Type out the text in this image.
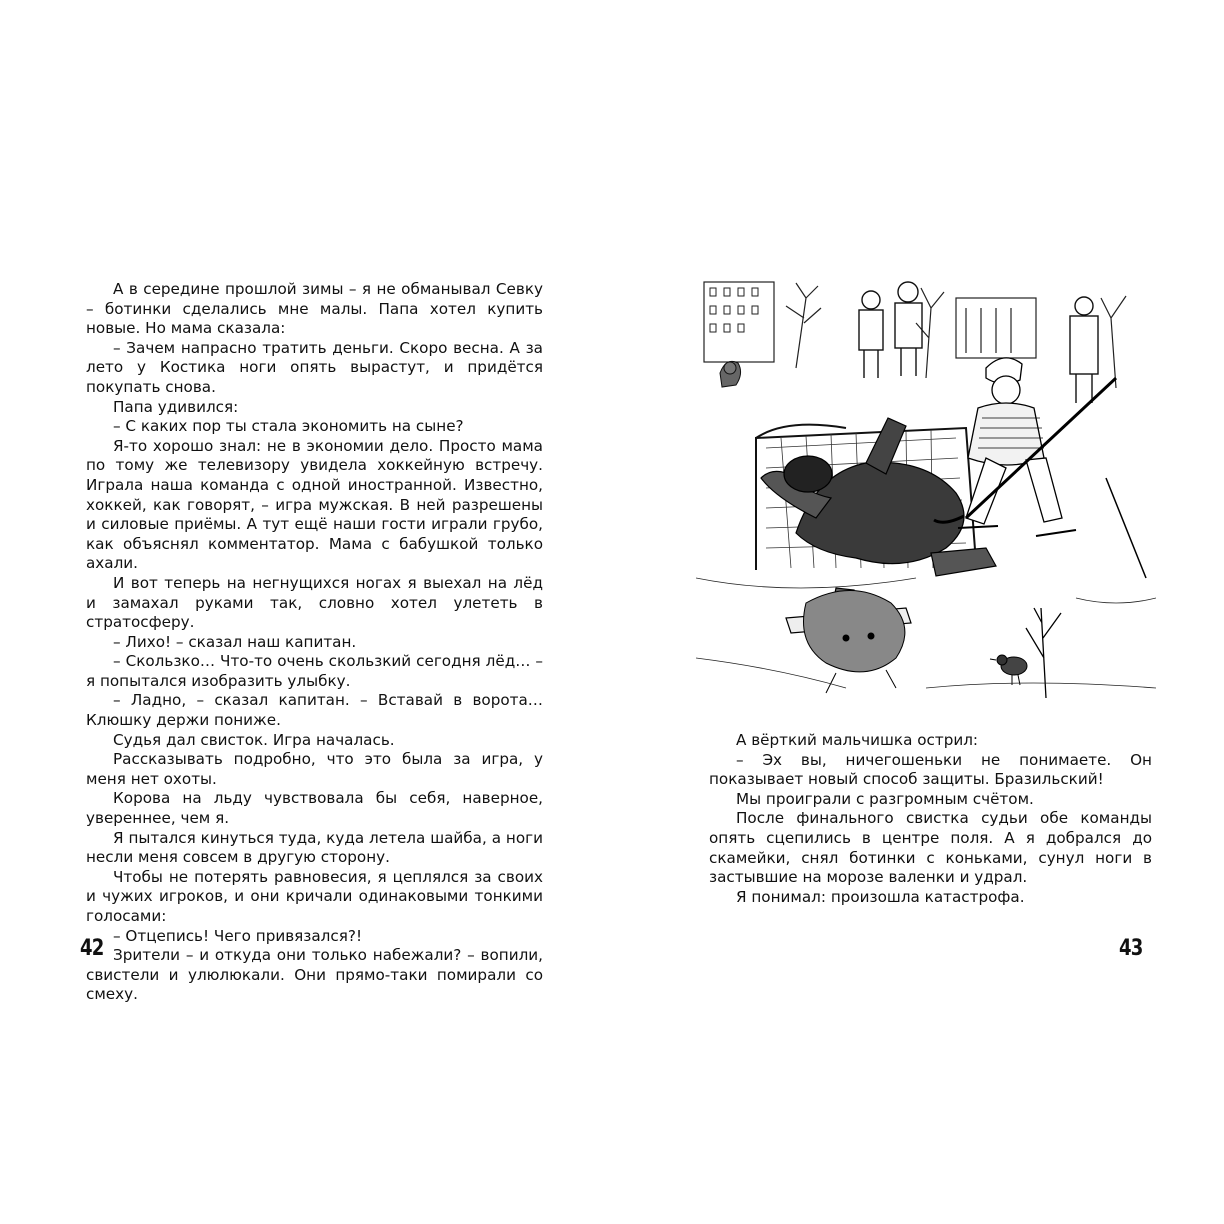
А в середине прошлой зимы – я не обманывал Севку – ботинки сделались мне малы. Папа хотел купить новые. Но мама сказала:

– Зачем напрасно тратить деньги. Скоро весна. А за лето у Костика ноги опять вырастут, и придётся покупать снова.

Папа удивился:

– С каких пор ты стала экономить на сыне?

Я-то хорошо знал: не в экономии дело. Просто мама по тому же телевизору увидела хоккейную встречу. Играла наша команда с одной иностранной. Известно, хоккей, как говорят, – игра мужская. В ней разрешены и силовые приёмы. А тут ещё наши гости играли грубо, как объяснял комментатор. Мама с бабушкой только ахали.

И вот теперь на негнущихся ногах я выехал на лёд и замахал руками так, словно хотел улететь в стратосферу.

– Лихо! – сказал наш капитан.

– Скользко… Что-то очень скользкий сегодня лёд… – я попытался изобразить улыбку.

– Ладно, – сказал капитан. – Вставай в ворота… Клюшку держи пониже.

Судья дал свисток. Игра началась.

Рассказывать подробно, что это была за игра, у меня нет охоты.

Корова на льду чувствовала бы себя, наверное, увереннее, чем я.

Я пытался кинуться туда, куда летела шайба, а ноги несли меня совсем в другую сторону.

Чтобы не потерять равновесия, я цеплялся за своих и чужих игроков, и они кричали одинаковыми тонкими голосами:

– Отцепись! Чего привязался?!

Зрители – и откуда они только набежали? – вопили, свистели и улюлюкали. Они прямо-таки помирали со смеху.

42

А вёрткий мальчишка острил:

– Эх вы, ничегошеньки не понимаете. Он показывает новый способ защиты. Бразильский!

Мы проиграли с разгромным счётом.

После финального свистка судьи обе команды опять сцепились в центре поля. А я добрался до скамейки, снял ботинки с коньками, сунул ноги в застывшие на морозе валенки и удрал.

Я понимал: произошла катастрофа.

43
